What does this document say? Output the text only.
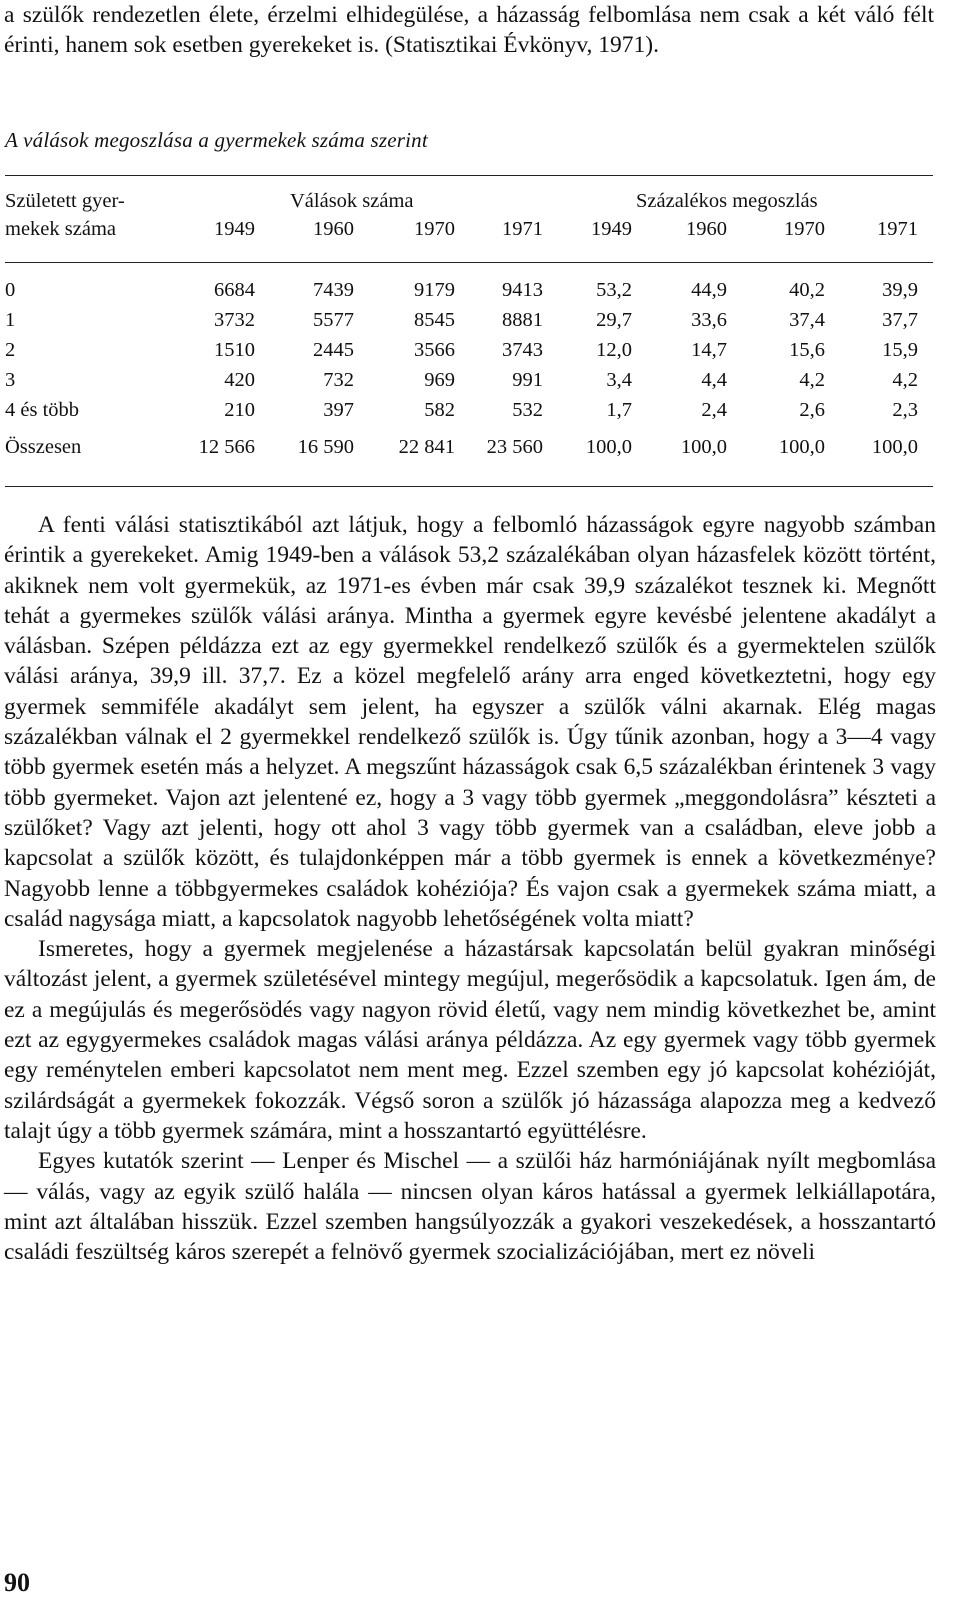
a szülők rendezetlen élete, érzelmi elhidegülése, a házasság felbomlása nem csak a két váló félt érinti, hanem sok esetben gyerekeket is. (Statisztikai Évkönyv, 1971).
A válások megoszlása a gyermekek száma szerint
Született gyer-
mekek száma
Válások száma	Százalékos megoszlás
1949	1960	1970	1971	1949	1960	1970	1971
0	6684	7439	9179	9413	53,2	44,9	40,2	39,9
1	3732	5577	8545	8881	29,7	33,6	37,4	37,7
2	1510	2445	3566	3743	12,0	14,7	15,6	15,9
3	420	732	969	991	3,4	4,4	4,2	4,2
4 és több	210	397	582	532	1,7	2,4	2,6	2,3
Összesen	12 566	16 590	22 841	23 560	100,0	100,0	100,0	100,0

A fenti válási statisztikából azt látjuk, hogy a felbomló házasságok egyre nagyobb számban érintik a gyerekeket. Amig 1949-ben a válások 53,2 százalékában olyan házasfelek között történt, akiknek nem volt gyermekük, az 1971-es évben már csak 39,9 százalékot tesznek ki. Megnőtt tehát a gyermekes szülők válási aránya. Mintha a gyermek egyre kevésbé jelentene akadályt a válásban. Szépen példázza ezt az egy gyermekkel rendelkező szülők és a gyermektelen szülők válási aránya, 39,9 ill. 37,7. Ez a közel megfelelő arány arra enged következtetni, hogy egy gyermek semmiféle akadályt sem jelent, ha egyszer a szülők válni akarnak. Elég magas százalékban válnak el 2 gyermekkel rendelkező szülők is. Úgy tűnik azonban, hogy a 3—4 vagy több gyermek esetén más a helyzet. A megszűnt házasságok csak 6,5 százalékban érintenek 3 vagy több gyermeket. Vajon azt jelentené ez, hogy a 3 vagy több gyermek „meggondolásra” készteti a szülőket? Vagy azt jelenti, hogy ott ahol 3 vagy több gyermek van a családban, eleve jobb a kapcsolat a szülők között, és tulajdonképpen már a több gyermek is ennek a következménye? Nagyobb lenne a többgyermekes családok kohéziója? És vajon csak a gyermekek száma miatt, a család nagysága miatt, a kapcsolatok nagyobb lehetőségének volta miatt?

Ismeretes, hogy a gyermek megjelenése a házastársak kapcsolatán belül gyakran minőségi változást jelent, a gyermek születésével mintegy megújul, megerősödik a kapcsolatuk. Igen ám, de ez a megújulás és megerősödés vagy nagyon rövid életű, vagy nem mindig következhet be, amint ezt az egygyermekes családok magas válási aránya példázza. Az egy gyermek vagy több gyermek egy reménytelen emberi kapcsolatot nem ment meg. Ezzel szemben egy jó kapcsolat kohézióját, szilárdságát a gyermekek fokozzák. Végső soron a szülők jó házassága alapozza meg a kedvező talajt úgy a több gyermek számára, mint a hosszantartó együttélésre.

Egyes kutatók szerint — Lenper és Mischel — a szülői ház harmóniájának nyílt megbomlása — válás, vagy az egyik szülő halála — nincsen olyan káros hatással a gyermek lelkiállapotára, mint azt általában hisszük. Ezzel szemben hangsúlyozzák a gyakori veszekedések, a hosszantartó családi feszültség káros szerepét a felnövő gyermek szocializációjában, mert ez növeli

90
